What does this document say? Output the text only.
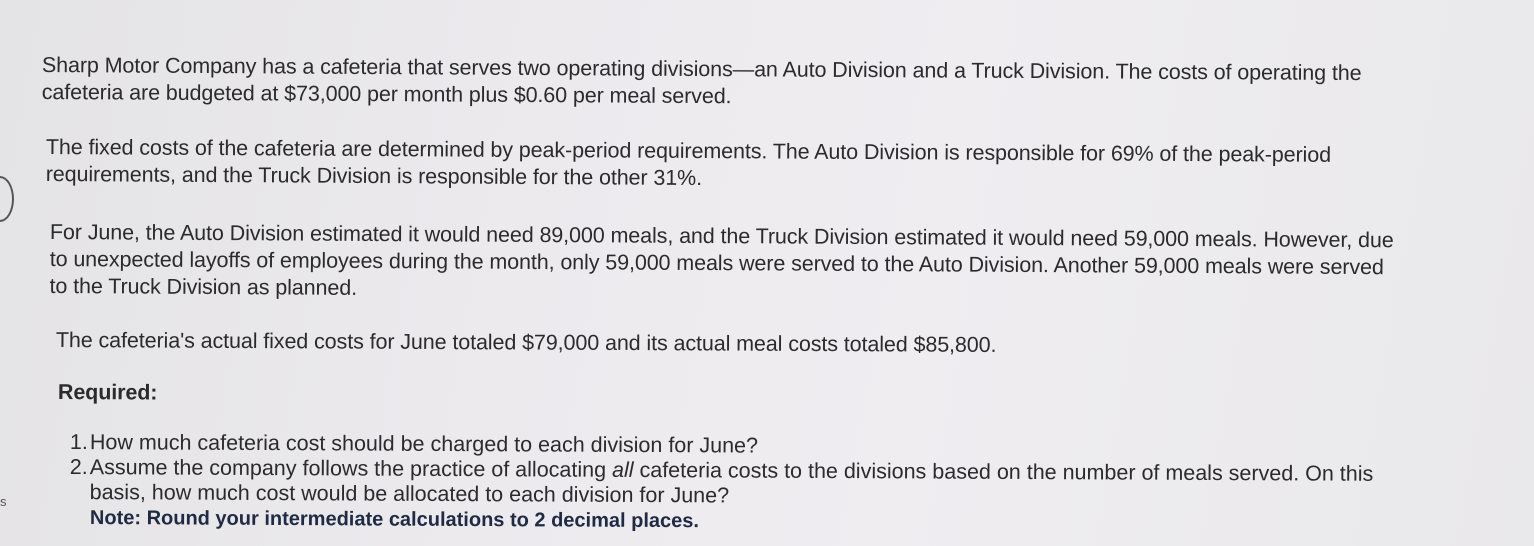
s

Sharp Motor Company has a cafeteria that serves two operating divisions—an Auto Division and a Truck Division. The costs of operating the cafeteria are budgeted at $73,000 per month plus $0.60 per meal served.

The fixed costs of the cafeteria are determined by peak-period requirements. The Auto Division is responsible for 69% of the peak-period requirements, and the Truck Division is responsible for the other 31%.

For June, the Auto Division estimated it would need 89,000 meals, and the Truck Division estimated it would need 59,000 meals. However, due to unexpected layoffs of employees during the month, only 59,000 meals were served to the Auto Division. Another 59,000 meals were served to the Truck Division as planned.

The cafeteria's actual fixed costs for June totaled $79,000 and its actual meal costs totaled $85,800.

Required:

1. How much cafeteria cost should be charged to each division for June?
2. Assume the company follows the practice of allocating all cafeteria costs to the divisions based on the number of meals served. On this basis, how much cost would be allocated to each division for June?
Note: Round your intermediate calculations to 2 decimal places.
